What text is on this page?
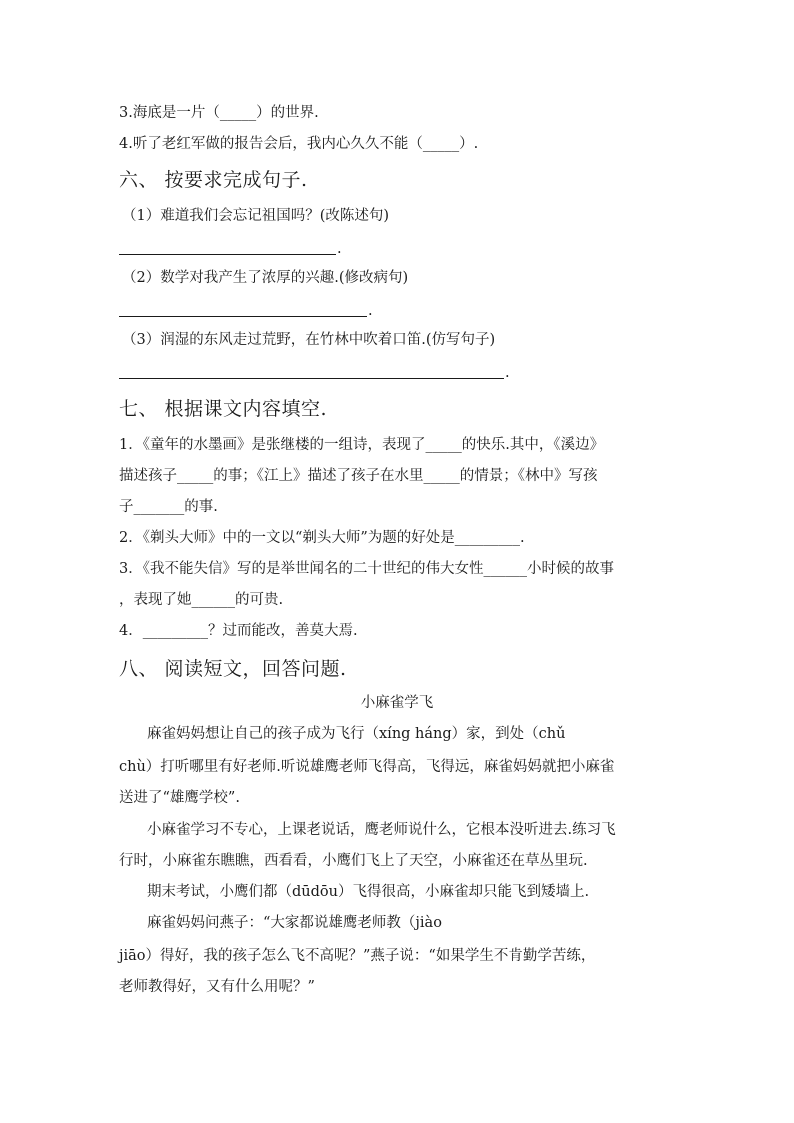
3.海底是一片（_____）的世界.
4.听了老红军做的报告会后，我内心久久不能（_____）.
六、 按要求完成句子.
（1）难道我们会忘记祖国吗？(改陈述句)
.
（2）数学对我产生了浓厚的兴趣.(修改病句)
.
（3）润湿的东风走过荒野，在竹林中吹着口笛.(仿写句子)
.
七、 根据课文内容填空.
1．《童年的水墨画》是张继楼的一组诗，表现了_____的快乐.其中，《溪边》
描述孩子_____的事；《江上》描述了孩子在水里_____的情景；《林中》写孩
子_______的事.
2．《剃头大师》中的一文以“剃头大师”为题的好处是_________.
3．《我不能失信》写的是举世闻名的二十世纪的伟大女性______小时候的故事
，表现了她______的可贵.
4．_________？过而能改，善莫大焉.
八、 阅读短文，回答问题.
小麻雀学飞
麻雀妈妈想让自己的孩子成为飞行（xíng háng）家，到处（chǔ
chù）打听哪里有好老师.听说雄鹰老师飞得高，飞得远，麻雀妈妈就把小麻雀
送进了“雄鹰学校”.
小麻雀学习不专心，上课老说话，鹰老师说什么，它根本没听进去.练习飞
行时，小麻雀东瞧瞧，西看看，小鹰们飞上了天空，小麻雀还在草丛里玩.
期末考试，小鹰们都（dūdōu）飞得很高，小麻雀却只能飞到矮墙上.
麻雀妈妈问燕子：“大家都说雄鹰老师教（jiào
jiāo）得好，我的孩子怎么飞不高呢？”燕子说：“如果学生不肯勤学苦练，
老师教得好，又有什么用呢？”
